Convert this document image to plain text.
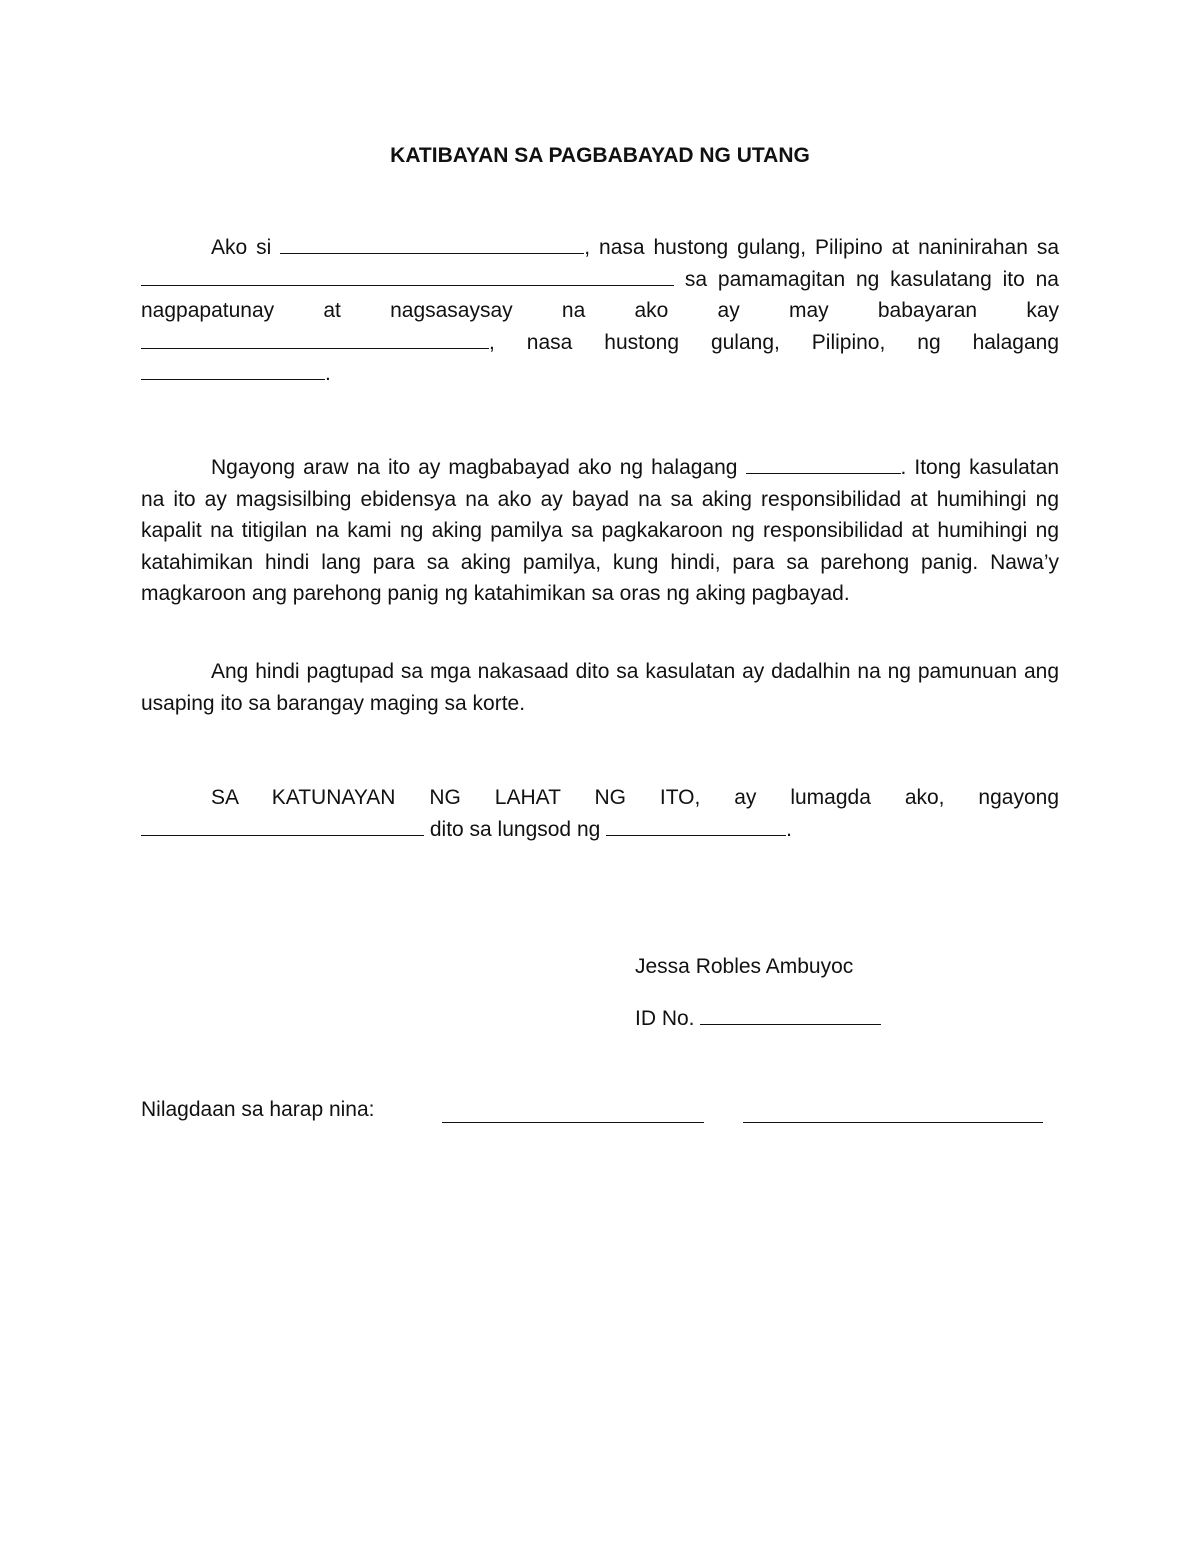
KATIBAYAN SA PAGBABAYAD NG UTANG

Ako si	, nasa hustong gulang, Pilipino at naninirahan sa  sa pamamagitan ng kasulatang ito na nagpapatunay at nagsasaysay na ako ay may babayaran kay , nasa hustong gulang, Pilipino, ng halagang .

Ngayong araw na ito ay magbabayad ako ng halagang	. Itong kasulatan na ito ay magsisilbing ebidensya na ako ay bayad na sa aking responsibilidad at humihingi ng kapalit na titigilan na kami ng aking pamilya sa pagkakaroon ng responsibilidad at humihingi ng katahimikan hindi lang para sa aking pamilya, kung hindi, para sa parehong panig. Nawa’y magkaroon ang parehong panig ng katahimikan sa oras ng aking pagbayad.

Ang hindi pagtupad sa mga nakasaad dito sa kasulatan ay dadalhin na ng pamunuan ang usaping ito sa barangay maging sa korte.

SA KATUNAYAN NG LAHAT NG ITO, ay lumagda ako, ngayong  dito sa lungsod ng	.

Jessa Robles Ambuyoc
ID No.
Nilagdaan sa harap nina:
